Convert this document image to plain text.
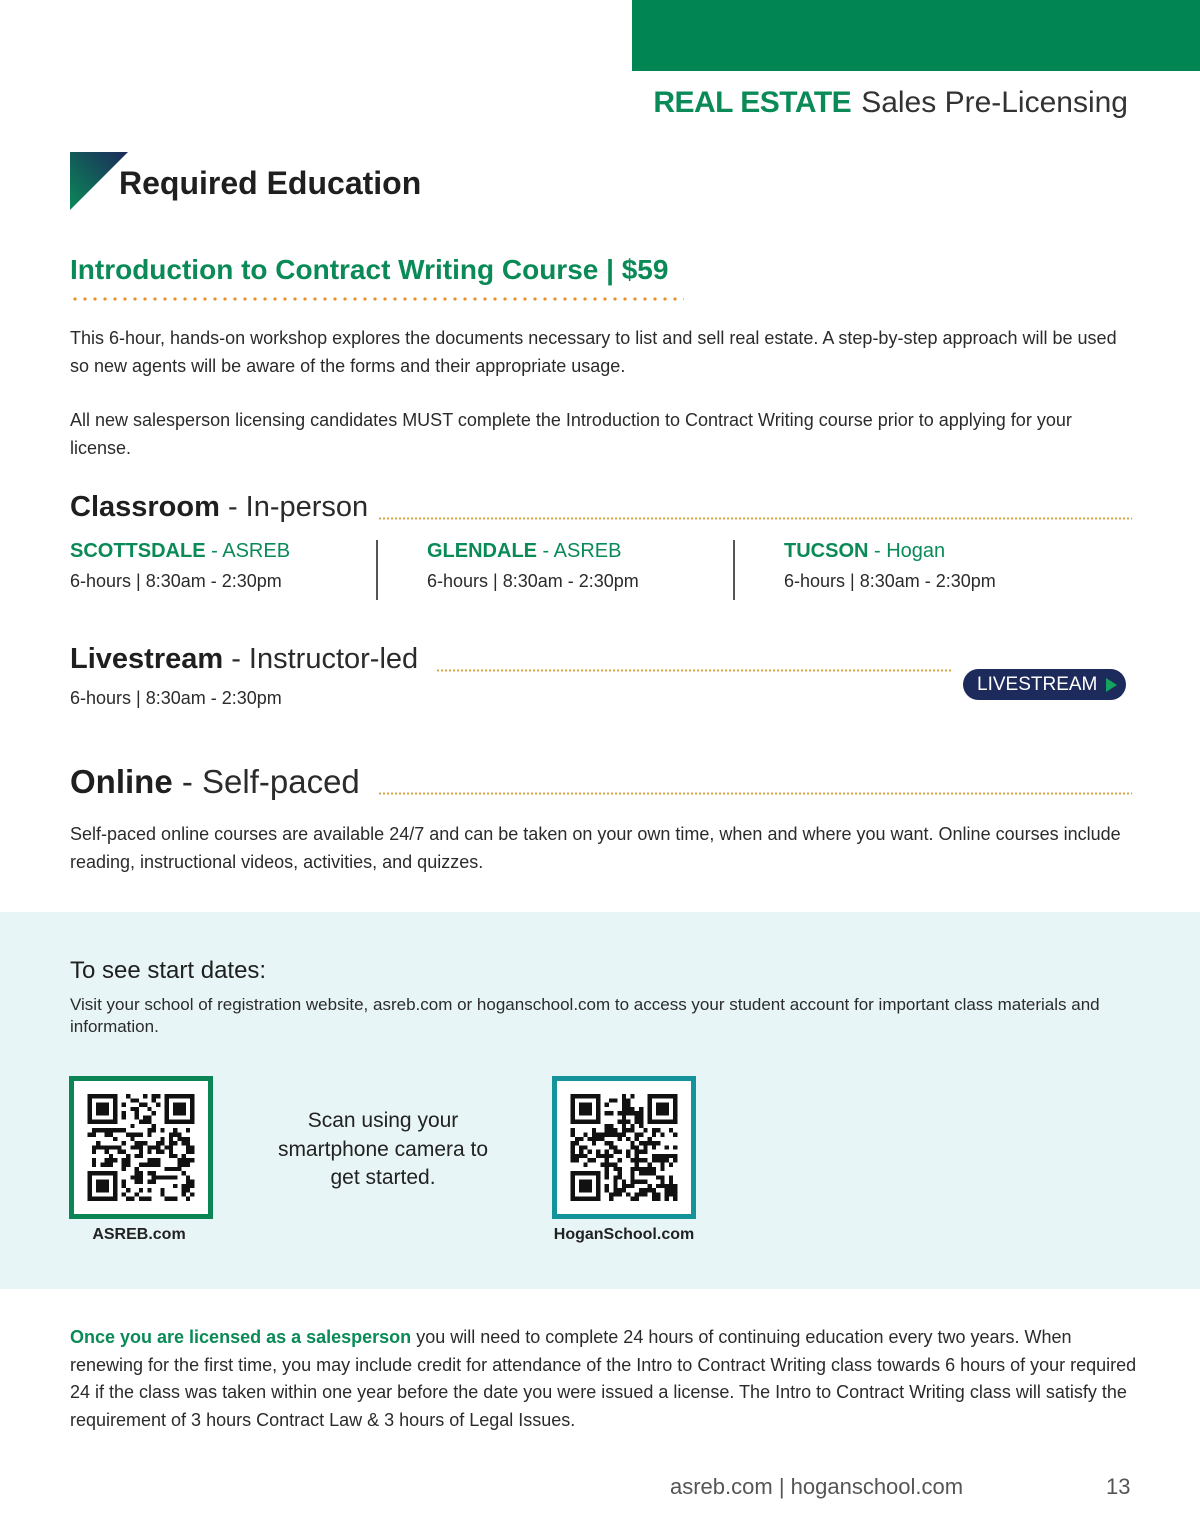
REAL ESTATE Sales Pre-Licensing
Required Education
Introduction to Contract Writing Course | $59
This 6-hour, hands-on workshop explores the documents necessary to list and sell real estate. A step-by-step approach will be used so new agents will be aware of the forms and their appropriate usage.
All new salesperson licensing candidates MUST complete the Introduction to Contract Writing course prior to applying for your license.
Classroom - In-person
SCOTTSDALE - ASREB
6-hours | 8:30am - 2:30pm
GLENDALE - ASREB
6-hours | 8:30am - 2:30pm
TUCSON - Hogan
6-hours | 8:30am - 2:30pm
Livestream - Instructor-led
6-hours | 8:30am - 2:30pm
LIVESTREAM
Online - Self-paced
Self-paced online courses are available 24/7 and can be taken on your own time, when and where you want. Online courses include reading, instructional videos, activities, and quizzes.
To see start dates:
Visit your school of registration website, asreb.com or hoganschool.com to access your student account for important class materials and information.
ASREB.com
Scan using your smartphone camera to get started.
HoganSchool.com
Once you are licensed as a salesperson you will need to complete 24 hours of continuing education every two years. When renewing for the first time, you may include credit for attendance of the Intro to Contract Writing class towards 6 hours of your required 24 if the class was taken within one year before the date you were issued a license. The Intro to Contract Writing class will satisfy the requirement of 3 hours Contract Law & 3 hours of Legal Issues.
asreb.com | hoganschool.com	13
